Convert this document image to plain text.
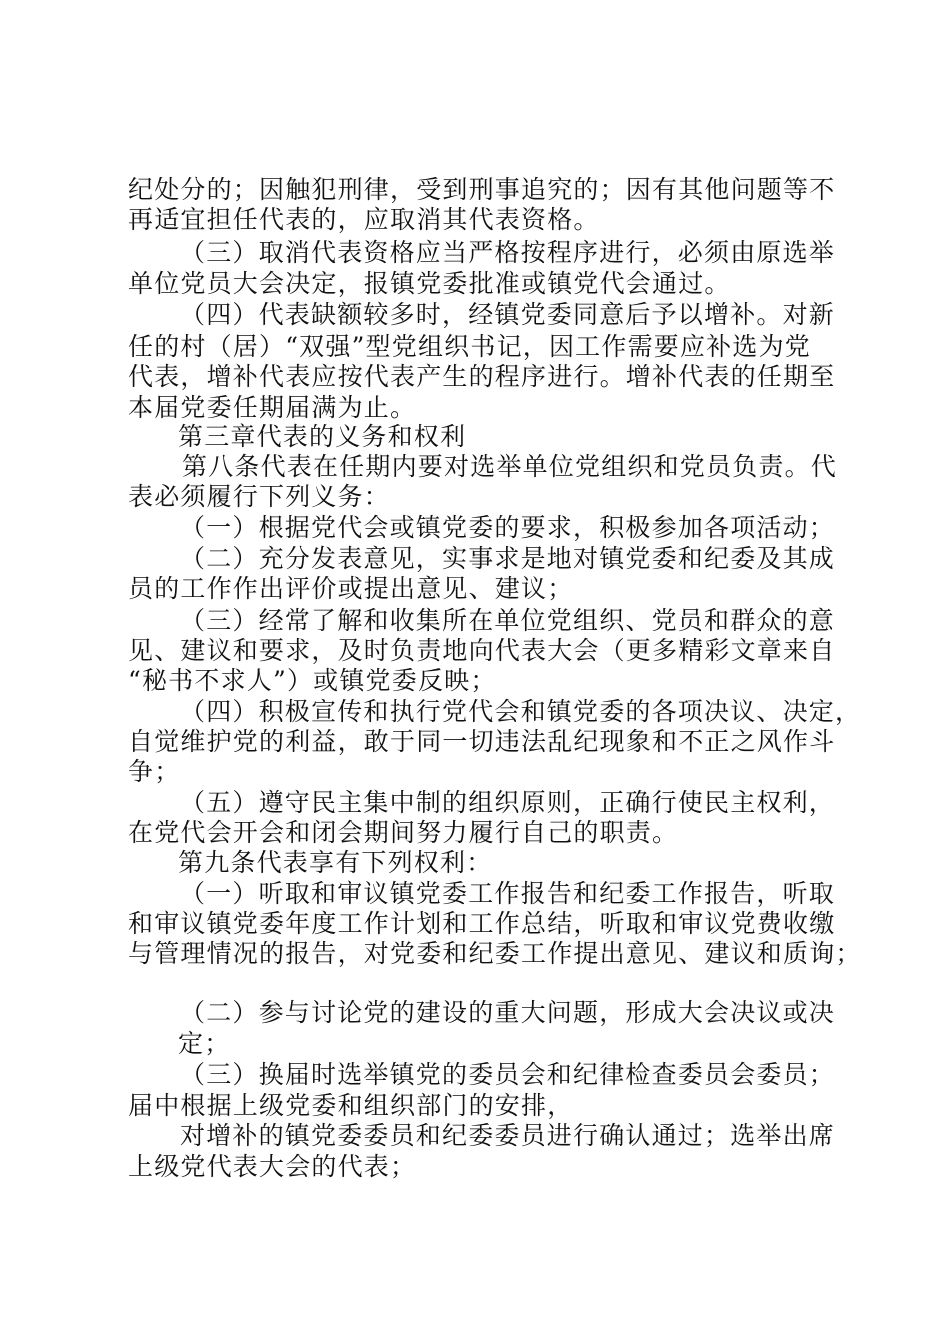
纪处分的；因触犯刑律，受到刑事追究的；因有其他问题等不
再适宜担任代表的，应取消其代表资格。
（三）取消代表资格应当严格按程序进行，必须由原选举
单位党员大会决定，报镇党委批准或镇党代会通过。
（四）代表缺额较多时，经镇党委同意后予以增补。对新
任的村（居）“双强”型党组织书记，因工作需要应补选为党
代表，增补代表应按代表产生的程序进行。增补代表的任期至
本届党委任期届满为止。
第三章代表的义务和权利
第八条代表在任期内要对选举单位党组织和党员负责。代
表必须履行下列义务：
（一）根据党代会或镇党委的要求，积极参加各项活动；
（二）充分发表意见，实事求是地对镇党委和纪委及其成
员的工作作出评价或提出意见、建议；
（三）经常了解和收集所在单位党组织、党员和群众的意
见、建议和要求，及时负责地向代表大会（更多精彩文章来自
“秘书不求人”）或镇党委反映；
（四）积极宣传和执行党代会和镇党委的各项决议、决定，
自觉维护党的利益，敢于同一切违法乱纪现象和不正之风作斗
争；
（五）遵守民主集中制的组织原则，正确行使民主权利，
在党代会开会和闭会期间努力履行自己的职责。
第九条代表享有下列权利：
（一）听取和审议镇党委工作报告和纪委工作报告，听取
和审议镇党委年度工作计划和工作总结，听取和审议党费收缴
与管理情况的报告，对党委和纪委工作提出意见、建议和质询；
（二）参与讨论党的建设的重大问题，形成大会决议或决
定；
（三）换届时选举镇党的委员会和纪律检查委员会委员；
届中根据上级党委和组织部门的安排，
对增补的镇党委委员和纪委委员进行确认通过；选举出席
上级党代表大会的代表；
